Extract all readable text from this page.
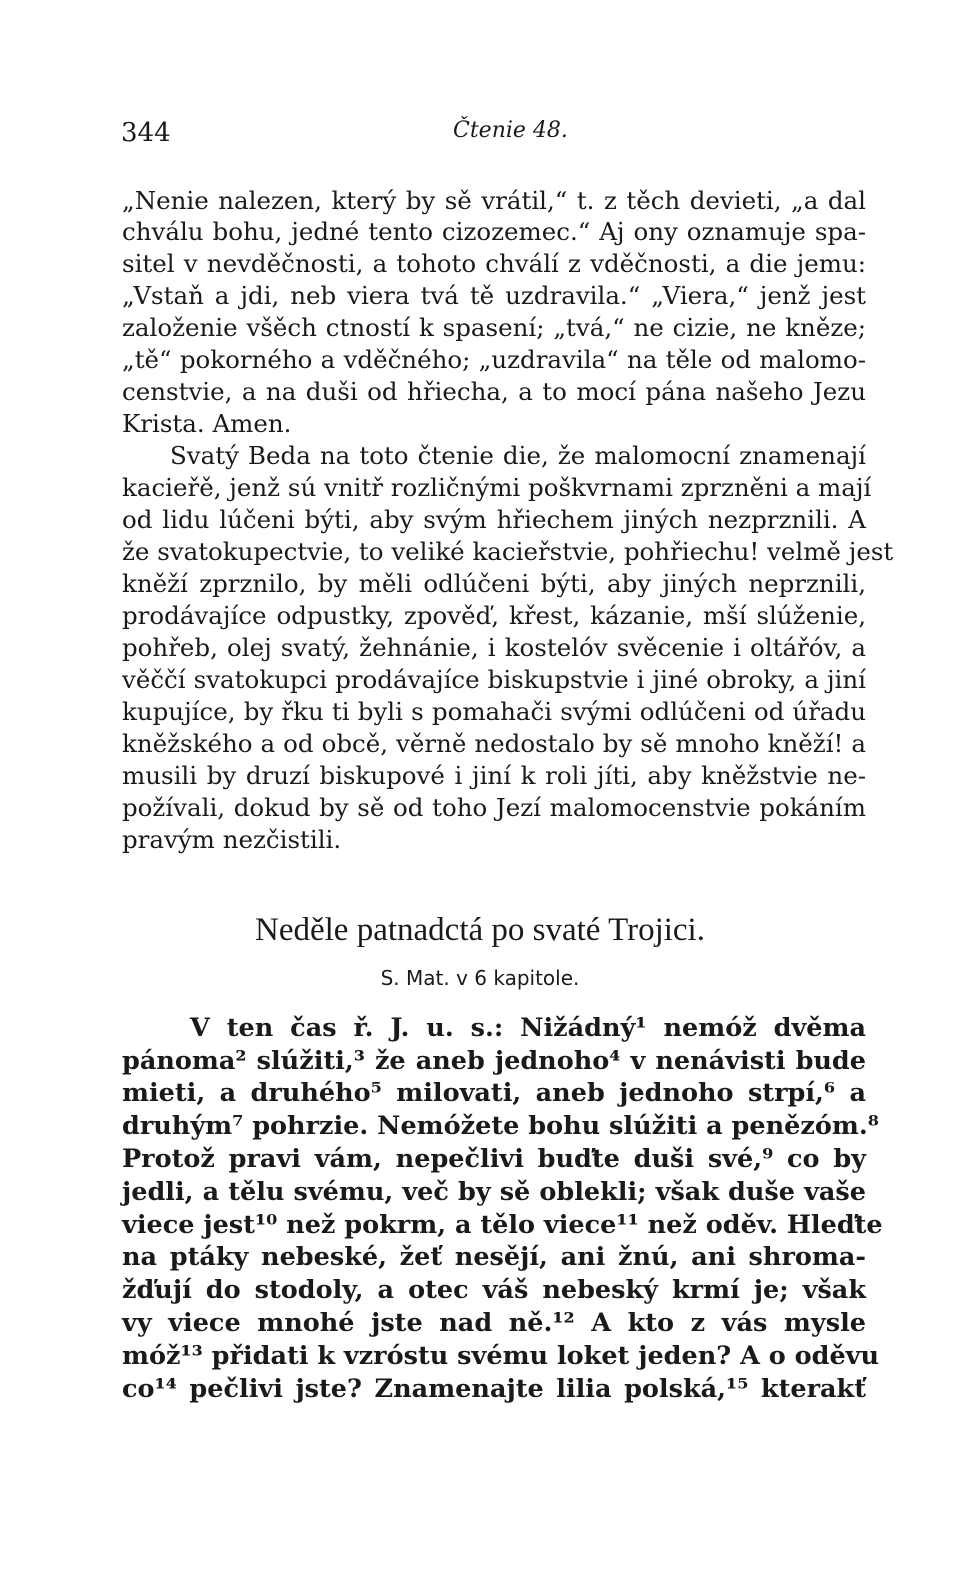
344	Čtenie 48.
„Nenie nalezen, který by sě vrátil,“ t. z těch devieti, „a dal
chválu bohu, jedné tento cizozemec.“ Aj ony oznamuje spa-
sitel v nevděčnosti, a tohoto chválí z vděčnosti, a die jemu:
„Vstaň a jdi, neb viera tvá tě uzdravila.“ „Viera,“ jenž jest
založenie všěch ctností k spasení; „tvá,“ ne cizie, ne kněze;
„tě“ pokorného a vděčného; „uzdravila“ na těle od malomo-
censtvie, a na duši od hřiecha, a to mocí pána našeho Jezu
Krista. Amen.
Svatý Beda na toto čtenie die, že malomocní znamenají
kacieřě, jenž sú vnitř rozličnými poškvrnami zprzněni a mají
od lidu lúčeni býti, aby svým hřiechem jiných nezprznili. A
že svatokupectvie, to veliké kacieřstvie, pohřiechu! velmě jest
kněží zprznilo, by měli odlúčeni býti, aby jiných neprznili,
prodávajíce odpustky, zpověď, křest, kázanie, mší slúženie,
pohřeb, olej svatý, žehnánie, i kostelóv svěcenie i oltářóv, a
věččí svatokupci prodávajíce biskupstvie i jiné obroky, a jiní
kupujíce, by řku ti byli s pomahači svými odlúčeni od úřadu
kněžského a od obcě, věrně nedostalo by sě mnoho kněží! a
musili by druzí biskupové i jiní k roli jíti, aby kněžstvie ne-
požívali, dokud by sě od toho Jezí malomocenstvie pokáním
pravým nezčistili.
Neděle patnadctá po svaté Trojici.
S. Mat. v 6 kapitole.
V ten čas ř. J. u. s.: Nižádný¹ nemóž dvěma
pánoma² slúžiti,³ že aneb jednoho⁴ v nenávisti bude
mieti, a druhého⁵ milovati, aneb jednoho strpí,⁶ a
druhým⁷ pohrzie. Nemóžete bohu slúžiti a penězóm.⁸
Protož pravi vám, nepečlivi buďte duši své,⁹ co by
jedli, a tělu svému, več by sě oblekli; však duše vaše
viece jest¹⁰ než pokrm, a tělo viece¹¹ než oděv. Hleďte
na ptáky nebeské, žeť nesějí, ani žnú, ani shroma-
žďují do stodoly, a otec váš nebeský krmí je; však
vy viece mnohé jste nad ně.¹² A kto z vás mysle
móž¹³ přidati k vzróstu svému loket jeden? A o oděvu
co¹⁴ pečlivi jste? Znamenajte lilia polská,¹⁵ kterakť
